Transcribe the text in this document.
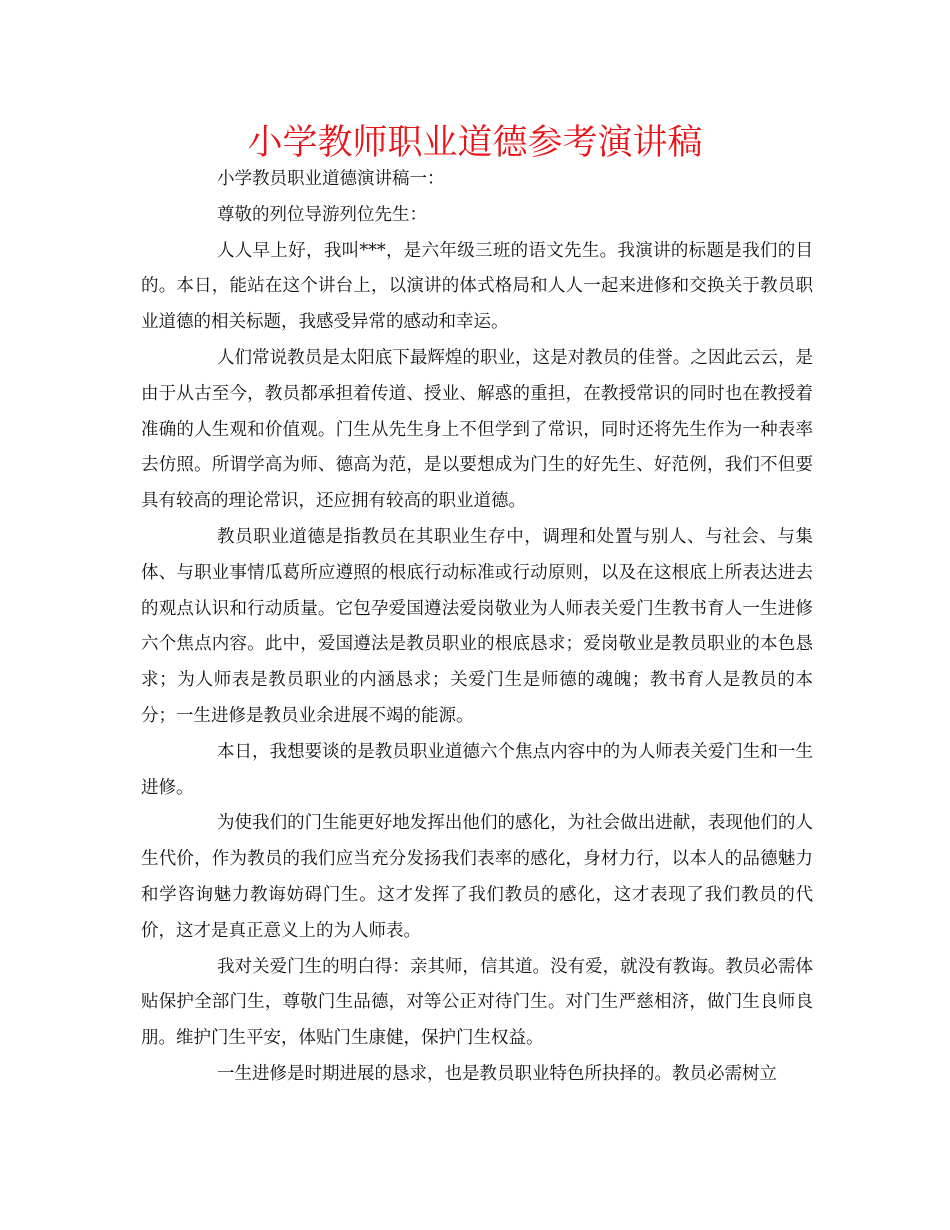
小学教师职业道德参考演讲稿

小学教员职业道德演讲稿一：

尊敬的列位导游列位先生：

人人早上好，我叫***，是六年级三班的语文先生。我演讲的标题是我们的目的。本日，能站在这个讲台上，以演讲的体式格局和人人一起来进修和交换关于教员职业道德的相关标题，我感受异常的感动和幸运。

人们常说教员是太阳底下最辉煌的职业，这是对教员的佳誉。之因此云云，是由于从古至今，教员都承担着传道、授业、解惑的重担，在教授常识的同时也在教授着准确的人生观和价值观。门生从先生身上不但学到了常识，同时还将先生作为一种表率去仿照。所谓学高为师、德高为范，是以要想成为门生的好先生、好范例，我们不但要具有较高的理论常识，还应拥有较高的职业道德。

教员职业道德是指教员在其职业生存中，调理和处置与别人、与社会、与集体、与职业事情瓜葛所应遵照的根底行动标准或行动原则，以及在这根底上所表达进去的观点认识和行动质量。它包孕爱国遵法爱岗敬业为人师表关爱门生教书育人一生进修六个焦点内容。此中，爱国遵法是教员职业的根底恳求；爱岗敬业是教员职业的本色恳求；为人师表是教员职业的内涵恳求；关爱门生是师德的魂魄；教书育人是教员的本分；一生进修是教员业余进展不竭的能源。

本日，我想要谈的是教员职业道德六个焦点内容中的为人师表关爱门生和一生进修。

为使我们的门生能更好地发挥出他们的感化，为社会做出进献，表现他们的人生代价，作为教员的我们应当充分发扬我们表率的感化，身材力行，以本人的品德魅力和学咨询魅力教诲妨碍门生。这才发挥了我们教员的感化，这才表现了我们教员的代价，这才是真正意义上的为人师表。

我对关爱门生的明白得：亲其师，信其道。没有爱，就没有教诲。教员必需体贴保护全部门生，尊敬门生品德，对等公正对待门生。对门生严慈相济，做门生良师良朋。维护门生平安，体贴门生康健，保护门生权益。

一生进修是时期进展的恳求，也是教员职业特色所抉择的。教员必需树立
